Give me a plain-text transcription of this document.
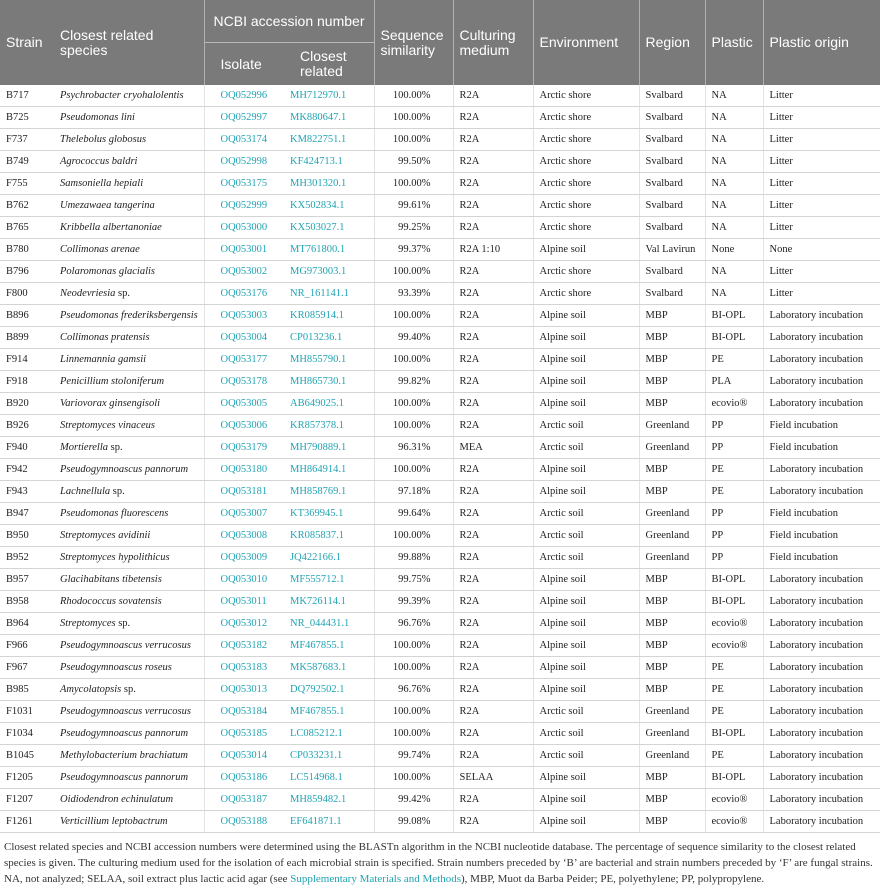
Strain	Closest related species	NCBI accession number		Sequence similarity	Culturing medium	Environment	Region	Plastic	Plastic origin
		Isolate	Closest related						
B717	Psychrobacter cryohalolentis	OQ052996	MH712970.1	100.00%	R2A	Arctic shore	Svalbard	NA	Litter
B725	Pseudomonas lini	OQ052997	MK880647.1	100.00%	R2A	Arctic shore	Svalbard	NA	Litter
F737	Thelebolus globosus	OQ053174	KM822751.1	100.00%	R2A	Arctic shore	Svalbard	NA	Litter
B749	Agrococcus baldri	OQ052998	KF424713.1	99.50%	R2A	Arctic shore	Svalbard	NA	Litter
F755	Samsoniella hepiali	OQ053175	MH301320.1	100.00%	R2A	Arctic shore	Svalbard	NA	Litter
B762	Umezawaea tangerina	OQ052999	KX502834.1	99.61%	R2A	Arctic shore	Svalbard	NA	Litter
B765	Kribbella albertanoniae	OQ053000	KX503027.1	99.25%	R2A	Arctic shore	Svalbard	NA	Litter
B780	Collimonas arenae	OQ053001	MT761800.1	99.37%	R2A 1:10	Alpine soil	Val Lavirun	None	None
B796	Polaromonas glacialis	OQ053002	MG973003.1	100.00%	R2A	Arctic shore	Svalbard	NA	Litter
F800	Neodevriesia sp.	OQ053176	NR_161141.1	93.39%	R2A	Arctic shore	Svalbard	NA	Litter
B896	Pseudomonas frederiksbergensis	OQ053003	KR085914.1	100.00%	R2A	Alpine soil	MBP	BI-OPL	Laboratory incubation
B899	Collimonas pratensis	OQ053004	CP013236.1	99.40%	R2A	Alpine soil	MBP	BI-OPL	Laboratory incubation
F914	Linnemannia gamsii	OQ053177	MH855790.1	100.00%	R2A	Alpine soil	MBP	PE	Laboratory incubation
F918	Penicillium stoloniferum	OQ053178	MH865730.1	99.82%	R2A	Alpine soil	MBP	PLA	Laboratory incubation
B920	Variovorax ginsengisoli	OQ053005	AB649025.1	100.00%	R2A	Alpine soil	MBP	ecovio®	Laboratory incubation
B926	Streptomyces vinaceus	OQ053006	KR857378.1	100.00%	R2A	Arctic soil	Greenland	PP	Field incubation
F940	Mortierella sp.	OQ053179	MH790889.1	96.31%	MEA	Arctic soil	Greenland	PP	Field incubation
F942	Pseudogymnoascus pannorum	OQ053180	MH864914.1	100.00%	R2A	Alpine soil	MBP	PE	Laboratory incubation
F943	Lachnellula sp.	OQ053181	MH858769.1	97.18%	R2A	Alpine soil	MBP	PE	Laboratory incubation
B947	Pseudomonas fluorescens	OQ053007	KT369945.1	99.64%	R2A	Arctic soil	Greenland	PP	Field incubation
B950	Streptomyces avidinii	OQ053008	KR085837.1	100.00%	R2A	Arctic soil	Greenland	PP	Field incubation
B952	Streptomyces hypolithicus	OQ053009	JQ422166.1	99.88%	R2A	Arctic soil	Greenland	PP	Field incubation
B957	Glacihabitans tibetensis	OQ053010	MF555712.1	99.75%	R2A	Alpine soil	MBP	BI-OPL	Laboratory incubation
B958	Rhodococcus sovatensis	OQ053011	MK726114.1	99.39%	R2A	Alpine soil	MBP	BI-OPL	Laboratory incubation
B964	Streptomyces sp.	OQ053012	NR_044431.1	96.76%	R2A	Alpine soil	MBP	ecovio®	Laboratory incubation
F966	Pseudogymnoascus verrucosus	OQ053182	MF467855.1	100.00%	R2A	Alpine soil	MBP	ecovio®	Laboratory incubation
F967	Pseudogymnoascus roseus	OQ053183	MK587683.1	100.00%	R2A	Alpine soil	MBP	PE	Laboratory incubation
B985	Amycolatopsis sp.	OQ053013	DQ792502.1	96.76%	R2A	Alpine soil	MBP	PE	Laboratory incubation
F1031	Pseudogymnoascus verrucosus	OQ053184	MF467855.1	100.00%	R2A	Arctic soil	Greenland	PE	Laboratory incubation
F1034	Pseudogymnoascus pannorum	OQ053185	LC085212.1	100.00%	R2A	Arctic soil	Greenland	BI-OPL	Laboratory incubation
B1045	Methylobacterium brachiatum	OQ053014	CP033231.1	99.74%	R2A	Arctic soil	Greenland	PE	Laboratory incubation
F1205	Pseudogymnoascus pannorum	OQ053186	LC514968.1	100.00%	SELAA	Alpine soil	MBP	BI-OPL	Laboratory incubation
F1207	Oidiodendron echinulatum	OQ053187	MH859482.1	99.42%	R2A	Alpine soil	MBP	ecovio®	Laboratory incubation
F1261	Verticillium leptobactrum	OQ053188	EF641871.1	99.08%	R2A	Alpine soil	MBP	ecovio®	Laboratory incubation
Closest related species and NCBI accession numbers were determined using the BLASTn algorithm in the NCBI nucleotide database. The percentage of sequence similarity to the closest related species is given. The culturing medium used for the isolation of each microbial strain is specified. Strain numbers preceded by ‘B’ are bacterial and strain numbers preceded by ‘F’ are fungal strains. NA, not analyzed; SELAA, soil extract plus lactic acid agar (see Supplementary Materials and Methods), MBP, Muot da Barba Peider; PE, polyethylene; PP, polypropylene.
